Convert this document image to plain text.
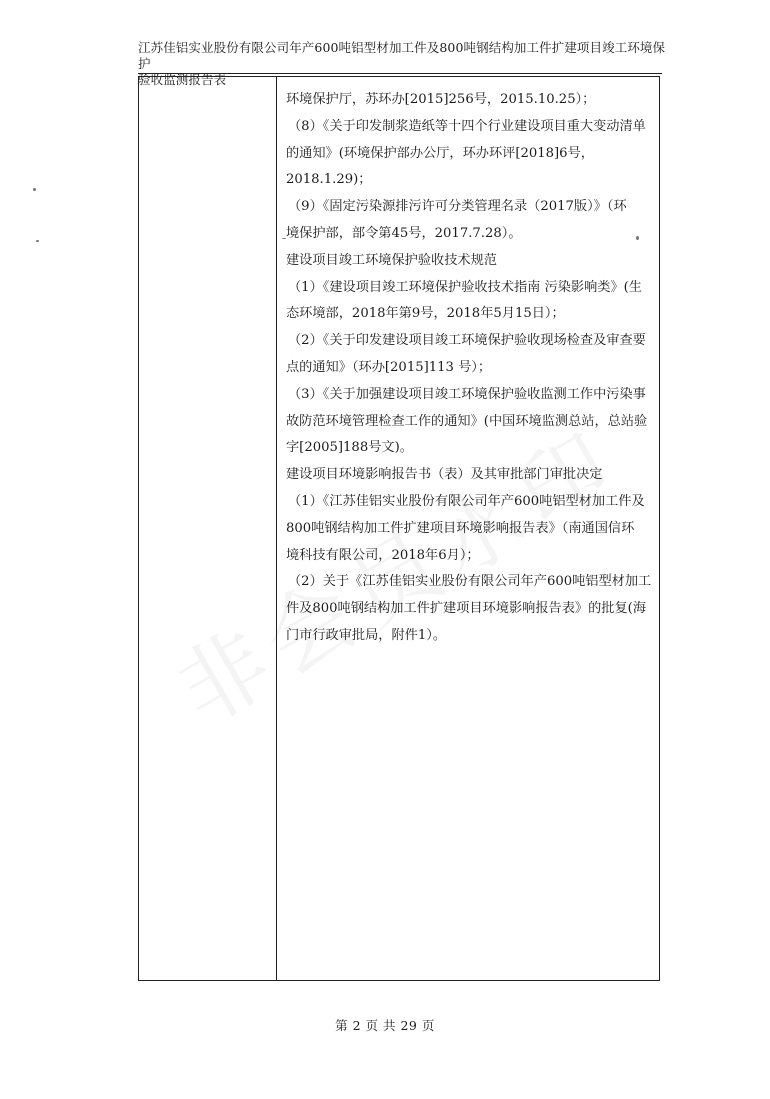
江苏佳铝实业股份有限公司年产600吨铝型材加工件及800吨钢结构加工件扩建项目竣工环境保护
验收监测报告表

环境保护厅，苏环办[2015]256号，2015.10.25）；

（8）《关于印发制浆造纸等十四个行业建设项目重大变动清单

的通知》(环境保护部办公厅，环办环评[2018]6号，2018.1.29)；

（9）《固定污染源排污许可分类管理名录（2017版）》（环

境保护部，部令第45号，2017.7.28）。

建设项目竣工环境保护验收技术规范

（1）《建设项目竣工环境保护验收技术指南 污染影响类》(生

态环境部，2018年第9号，2018年5月15日）；

（2）《关于印发建设项目竣工环境保护验收现场检查及审查要

点的通知》（环办[2015]113 号）；

（3）《关于加强建设项目竣工环境保护验收监测工作中污染事

故防范环境管理检查工作的通知》(中国环境监测总站，总站验

字[2005]188号文)。

建设项目环境影响报告书（表）及其审批部门审批决定

（1）《江苏佳铝实业股份有限公司年产600吨铝型材加工件及

800吨钢结构加工件扩建项目环境影响报告表》（南通国信环

境科技有限公司，2018年6月）；

（2）关于《江苏佳铝实业股份有限公司年产600吨铝型材加工

件及800吨钢结构加工件扩建项目环境影响报告表》的批复(海

门市行政审批局，附件1）。

第 2 页 共 29 页
